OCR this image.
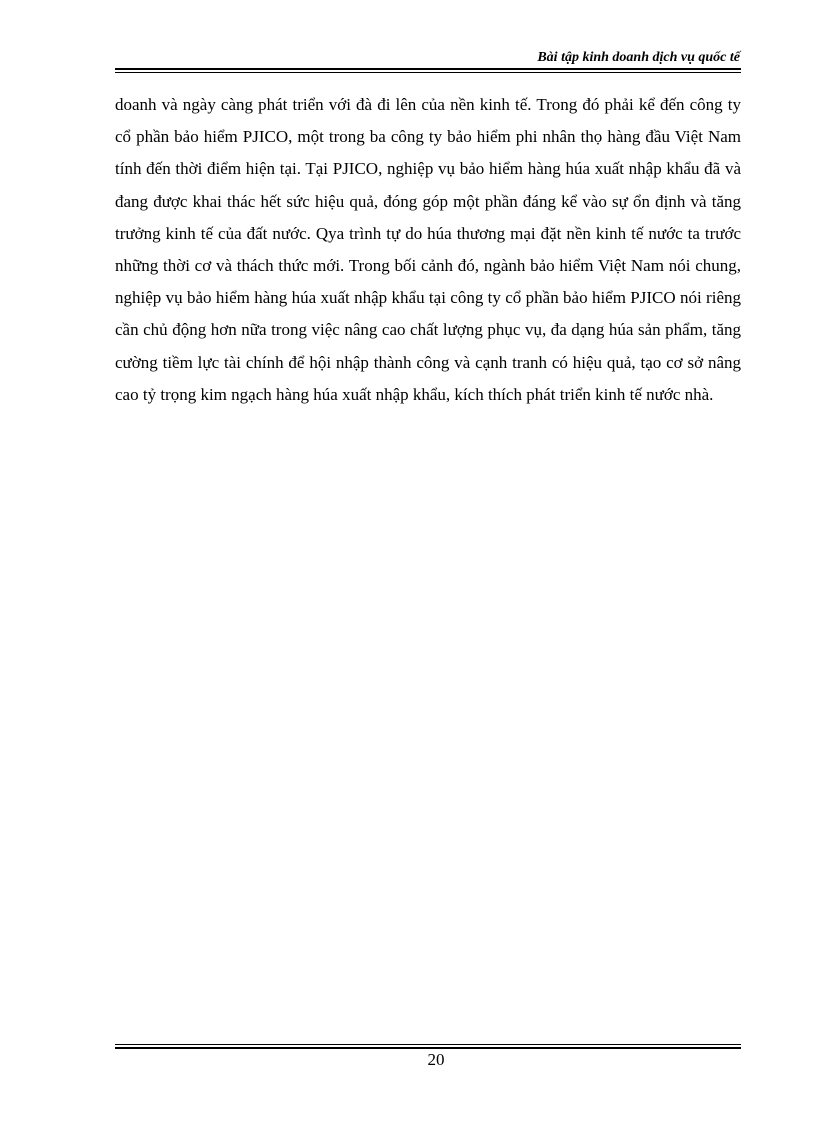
Bài tập kinh doanh dịch vụ quốc tế

doanh và ngày càng phát triển với đà đi lên của nền kinh tế. Trong đó phải kể đến công ty cổ phần bảo hiểm PJICO, một trong ba công ty bảo hiểm phi nhân thọ hàng đầu Việt Nam tính đến thời điểm hiện tại. Tại PJICO, nghiệp vụ bảo hiểm hàng húa xuất nhập khẩu đã và đang được khai thác hết sức hiệu quả, đóng góp một phần đáng kể vào sự ổn định và tăng trưởng kinh tế của đất nước. Qya trình tự do húa thương mại đặt nền kinh tế nước ta trước những thời cơ và thách thức mới. Trong bối cảnh đó, ngành bảo hiểm Việt Nam nói chung, nghiệp vụ bảo hiểm hàng húa xuất nhập khẩu tại công ty cổ phần bảo hiểm PJICO nói riêng cần chủ động hơn nữa trong việc nâng cao chất lượng phục vụ, đa dạng húa sản phẩm, tăng cường tiềm lực tài chính để hội nhập thành công và cạnh tranh có hiệu quả, tạo cơ sở nâng cao tỷ trọng kim ngạch hàng húa xuất nhập khẩu, kích thích phát triển kinh tế nước nhà.

20
